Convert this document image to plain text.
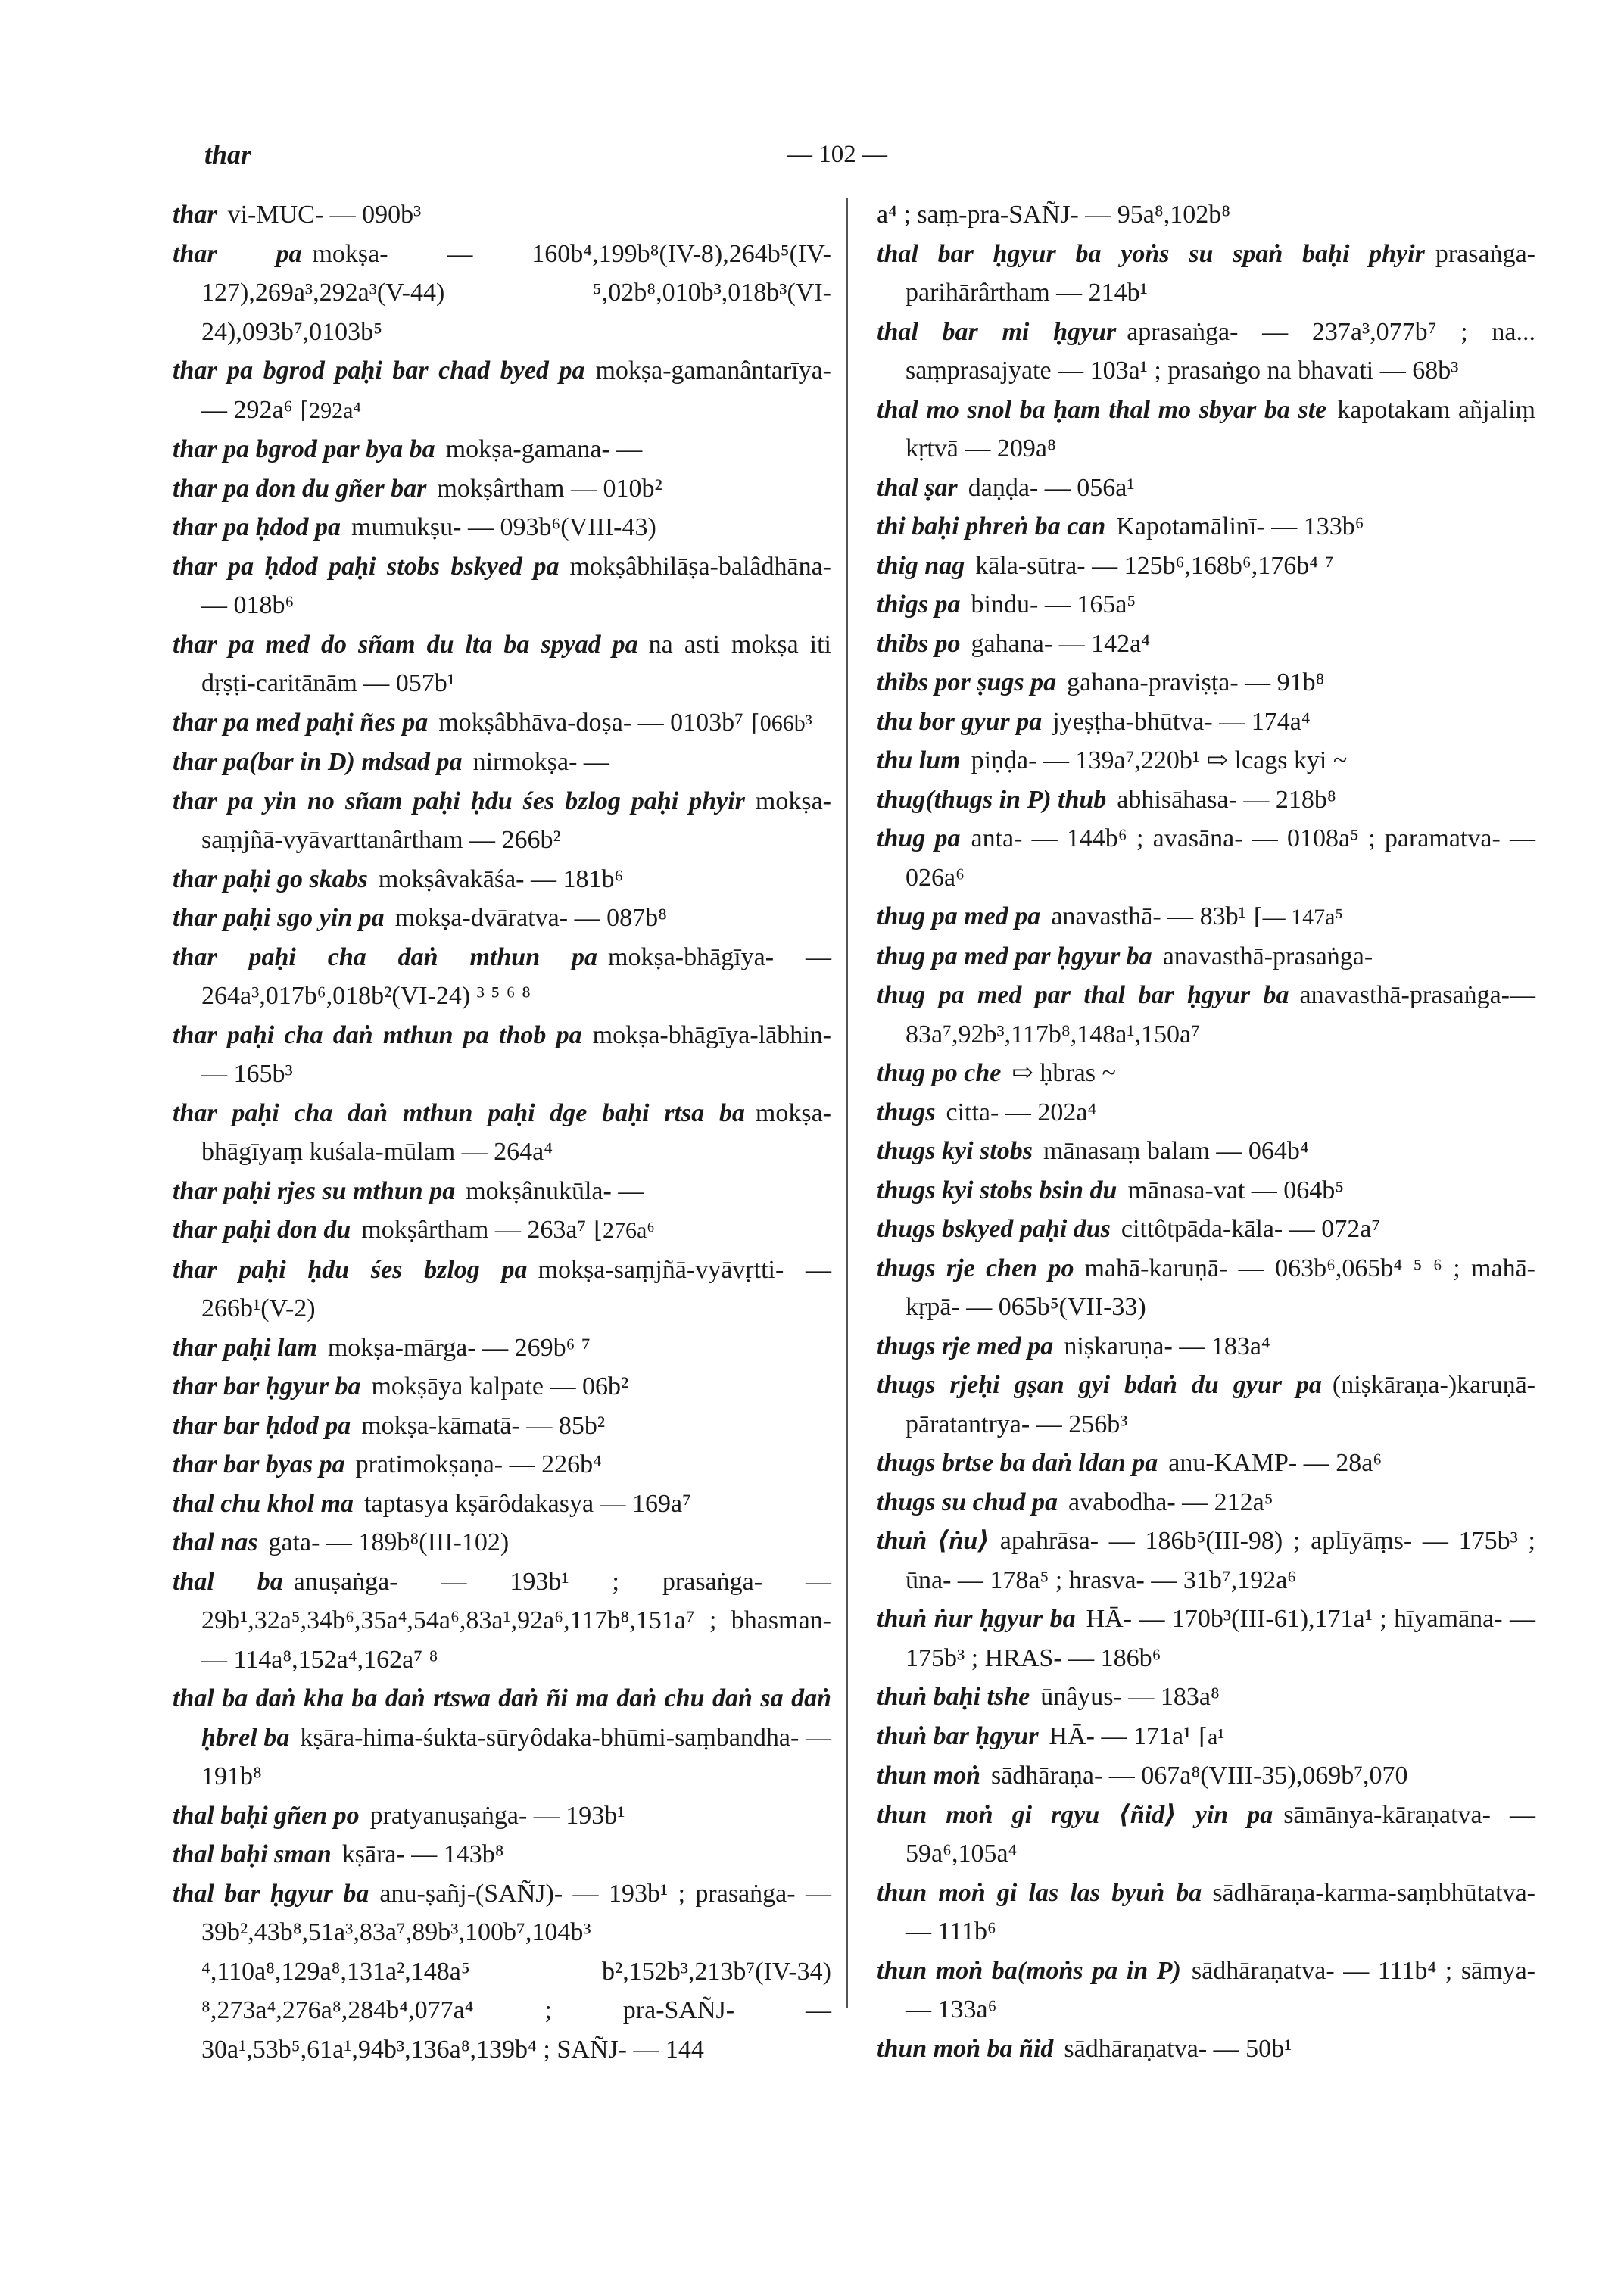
thar	— 102 —
thar vi-MUC- — 090b³
thar pa mokṣa- — 160b⁴,199b⁸(IV-8),264b⁵(IV-127),269a³,292a³(V-44) ⁵,02b⁸,010b³,018b³(VI-24),093b⁷,0103b⁵
thar pa bgrod paḥi bar chad byed pa mokṣa-gamanântarīya- — 292a⁶ ⌈292a⁴
thar pa bgrod par bya ba mokṣa-gamana- —
thar pa don du gñer bar mokṣârtham — 010b²
thar pa ḥdod pa mumukṣu- — 093b⁶(VIII-43)
thar pa ḥdod paḥi stobs bskyed pa mokṣâbhilāṣa-balâdhāna- — 018b⁶
thar pa med do sñam du lta ba spyad pa na asti mokṣa iti dṛṣṭi-caritānām — 057b¹
thar pa med paḥi ñes pa mokṣâbhāva-doṣa- — 0103b⁷ ⌈066b³
thar pa(bar in D) mdsad pa nirmokṣa- —
thar pa yin no sñam paḥi ḥdu śes bzlog paḥi phyir mokṣa-saṃjñā-vyāvarttanârtham — 266b²
thar paḥi go skabs mokṣâvakāśa- — 181b⁶
thar paḥi sgo yin pa mokṣa-dvāratva- — 087b⁸
thar paḥi cha daṅ mthun pa mokṣa-bhāgīya- — 264a³,017b⁶,018b²(VI-24) ³ ⁵ ⁶ ⁸
thar paḥi cha daṅ mthun pa thob pa mokṣa-bhāgīya-lābhin- — 165b³
thar paḥi cha daṅ mthun paḥi dge baḥi rtsa ba mokṣa-bhāgīyaṃ kuśala-mūlam — 264a⁴
thar paḥi rjes su mthun pa mokṣânukūla- —
thar paḥi don du mokṣârtham — 263a⁷ ⌊276a⁶
thar paḥi ḥdu śes bzlog pa mokṣa-saṃjñā-vyāvṛtti- — 266b¹(V-2)
thar paḥi lam mokṣa-mārga- — 269b⁶ ⁷
thar bar ḥgyur ba mokṣāya kalpate — 06b²
thar bar ḥdod pa mokṣa-kāmatā- — 85b²
thar bar byas pa pratimokṣaṇa- — 226b⁴
thal chu khol ma taptasya kṣārôdakasya — 169a⁷
thal nas gata- — 189b⁸(III-102)
thal ba anuṣaṅga- — 193b¹ ; prasaṅga- — 29b¹,32a⁵,34b⁶,35a⁴,54a⁶,83a¹,92a⁶,117b⁸,151a⁷ ; bhasman- — 114a⁸,152a⁴,162a⁷ ⁸
thal ba daṅ kha ba daṅ rtswa daṅ ñi ma daṅ chu daṅ sa daṅ ḥbrel ba kṣāra-hima-śukta-sūryôdaka-bhūmi-saṃbandha- — 191b⁸
thal baḥi gñen po pratyanuṣaṅga- — 193b¹
thal baḥi sman kṣāra- — 143b⁸
thal bar ḥgyur ba anu-ṣañj-(SAÑJ)- — 193b¹ ; prasaṅga- — 39b²,43b⁸,51a³,83a⁷,89b³,100b⁷,104b³ ⁴,110a⁸,129a⁸,131a²,148a⁵ b²,152b³,213b⁷(IV-34) ⁸,273a⁴,276a⁸,284b⁴,077a⁴ ; pra-SAÑJ- — 30a¹,53b⁵,61a¹,94b³,136a⁸,139b⁴ ; SAÑJ- — 144
a⁴ ; saṃ-pra-SAÑJ- — 95a⁸,102b⁸
thal bar ḥgyur ba yoṅs su spaṅ baḥi phyir prasaṅga-parihārârtham — 214b¹
thal bar mi ḥgyur aprasaṅga- — 237a³,077b⁷ ; na... saṃprasajyate — 103a¹ ; prasaṅgo na bhavati — 68b³
thal mo snol ba ḥam thal mo sbyar ba ste kapotakam añjaliṃ kṛtvā — 209a⁸
thal ṣar daṇḍa- — 056a¹
thi baḥi phreṅ ba can Kapotamālinī- — 133b⁶
thig nag kāla-sūtra- — 125b⁶,168b⁶,176b⁴ ⁷
thigs pa bindu- — 165a⁵
thibs po gahana- — 142a⁴
thibs por ṣugs pa gahana-praviṣṭa- — 91b⁸
thu bor gyur pa jyeṣṭha-bhūtva- — 174a⁴
thu lum piṇḍa- — 139a⁷,220b¹ ⇨ lcags kyi ~
thug(thugs in P) thub abhisāhasa- — 218b⁸
thug pa anta- — 144b⁶ ; avasāna- — 0108a⁵ ; paramatva- — 026a⁶
thug pa med pa anavasthā- — 83b¹ ⌈— 147a⁵
thug pa med par ḥgyur ba anavasthā-prasaṅga-
thug pa med par thal bar ḥgyur ba anavasthā-prasaṅga-— 83a⁷,92b³,117b⁸,148a¹,150a⁷
thug po che ⇨ ḥbras ~
thugs citta- — 202a⁴
thugs kyi stobs mānasaṃ balam — 064b⁴
thugs kyi stobs bsin du mānasa-vat — 064b⁵
thugs bskyed paḥi dus cittôtpāda-kāla- — 072a⁷
thugs rje chen po mahā-karuṇā- — 063b⁶,065b⁴ ⁵ ⁶ ; mahā-kṛpā- — 065b⁵(VII-33)
thugs rje med pa niṣkaruṇa- — 183a⁴
thugs rjeḥi gṣan gyi bdaṅ du gyur pa (niṣkāraṇa-)karuṇā-pāratantrya- — 256b³
thugs brtse ba daṅ ldan pa anu-KAMP- — 28a⁶
thugs su chud pa avabodha- — 212a⁵
thuṅ ⟨ṅu⟩ apahrāsa- — 186b⁵(III-98) ; aplīyāṃs- — 175b³ ; ūna- — 178a⁵ ; hrasva- — 31b⁷,192a⁶
thuṅ ṅur ḥgyur ba HĀ- — 170b³(III-61),171a¹ ; hīyamāna- — 175b³ ; HRAS- — 186b⁶
thuṅ baḥi tshe ūnâyus- — 183a⁸
thuṅ bar ḥgyur HĀ- — 171a¹ ⌈a¹
thun moṅ sādhāraṇa- — 067a⁸(VIII-35),069b⁷,070
thun moṅ gi rgyu ⟨ñid⟩ yin pa sāmānya-kāraṇatva- — 59a⁶,105a⁴
thun moṅ gi las las byuṅ ba sādhāraṇa-karma-saṃbhūtatva- — 111b⁶
thun moṅ ba(moṅs pa in P) sādhāraṇatva- — 111b⁴ ; sāmya- — 133a⁶
thun moṅ ba ñid sādhāraṇatva- — 50b¹
